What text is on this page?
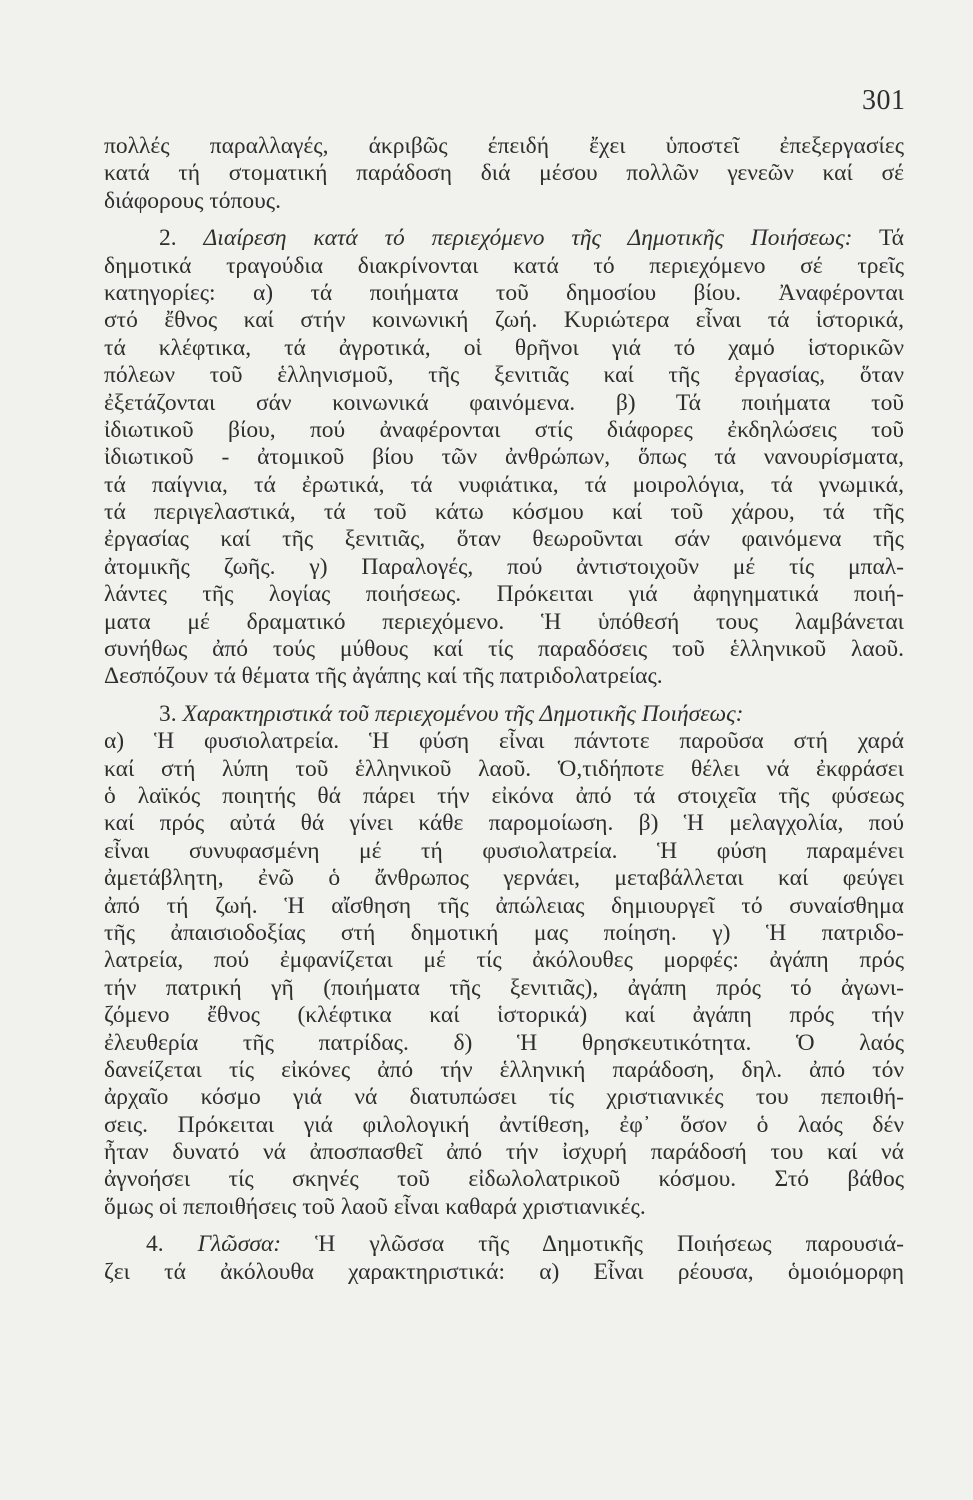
301
πολλές παραλλαγές, άκριβῶς έπειδή ἔχει ὑποστεῖ ἐπεξεργασίες
κατά τή στοματική παράδοση διά μέσου πολλῶν γενεῶν καί σέ
διάφορους τόπους.
2. Διαίρεση κατά τό περιεχόμενο τῆς Δημοτικῆς Ποιήσεως: Τά
δημοτικά τραγούδια διακρίνονται κατά τό περιεχόμενο σέ τρεῖς
κατηγορίες: α) τά ποιήματα τοῦ δημοσίου βίου. Ἀναφέρονται
στό ἔθνος καί στήν κοινωνική ζωή. Κυριώτερα εἶναι τά ἱστορικά,
τά κλέφτικα, τά ἀγροτικά, οἱ θρῆνοι γιά τό χαμό ἱστορικῶν
πόλεων τοῦ ἑλληνισμοῦ, τῆς ξενιτιᾶς καί τῆς ἐργασίας, ὅταν
ἐξετάζονται σάν κοινωνικά φαινόμενα. β) Τά ποιήματα τοῦ
ἰδιωτικοῦ βίου, πού ἀναφέρονται στίς διάφορες ἐκδηλώσεις τοῦ
ἰδιωτικοῦ - ἀτομικοῦ βίου τῶν ἀνθρώπων, ὅπως τά νανουρίσματα,
τά παίγνια, τά ἐρωτικά, τά νυφιάτικα, τά μοιρολόγια, τά γνωμικά,
τά περιγελαστικά, τά τοῦ κάτω κόσμου καί τοῦ χάρου, τά τῆς
ἐργασίας καί τῆς ξενιτιᾶς, ὅταν θεωροῦνται σάν φαινόμενα τῆς
ἀτομικῆς ζωῆς. γ) Παραλογές, πού ἀντιστοιχοῦν μέ τίς μπαλ-
λάντες τῆς λογίας ποιήσεως. Πρόκειται γιά ἀφηγηματικά ποιή-
ματα μέ δραματικό περιεχόμενο. Ἡ ὑπόθεσή τους λαμβάνεται
συνήθως ἀπό τούς μύθους καί τίς παραδόσεις τοῦ ἑλληνικοῦ λαοῦ.
Δεσπόζουν τά θέματα τῆς ἀγάπης καί τῆς πατριδολατρείας.
3. Χαρακτηριστικά τοῦ περιεχομένου τῆς Δημοτικῆς Ποιήσεως:
α) Ἡ φυσιολατρεία. Ἡ φύση εἶναι πάντοτε παροῦσα στή χαρά
καί στή λύπη τοῦ ἑλληνικοῦ λαοῦ. Ὁ,τιδήποτε θέλει νά ἐκφράσει
ὁ λαϊκός ποιητής θά πάρει τήν εἰκόνα ἀπό τά στοιχεῖα τῆς φύσεως
καί πρός αὐτά θά γίνει κάθε παρομοίωση. β) Ἡ μελαγχολία, πού
εἶναι συνυφασμένη μέ τή φυσιολατρεία. Ἡ φύση παραμένει
ἀμετάβλητη, ἐνῶ ὁ ἄνθρωπος γερνάει, μεταβάλλεται καί φεύγει
ἀπό τή ζωή. Ἡ αἴσθηση τῆς ἀπώλειας δημιουργεῖ τό συναίσθημα
τῆς ἀπαισιοδοξίας στή δημοτική μας ποίηση. γ) Ἡ πατριδο-
λατρεία, πού ἐμφανίζεται μέ τίς ἀκόλουθες μορφές: ἀγάπη πρός
τήν πατρική γῆ (ποιήματα τῆς ξενιτιᾶς), ἀγάπη πρός τό ἀγωνι-
ζόμενο ἔθνος (κλέφτικα καί ἱστορικά) καί ἀγάπη πρός τήν
ἐλευθερία τῆς πατρίδας. δ) Ἡ θρησκευτικότητα. Ὁ λαός
δανείζεται τίς εἰκόνες ἀπό τήν ἑλληνική παράδοση, δηλ. ἀπό τόν
ἀρχαῖο κόσμο γιά νά διατυπώσει τίς χριστιανικές του πεποιθή-
σεις. Πρόκειται γιά φιλολογική ἀντίθεση, ἐφ᾽ ὅσον ὁ λαός δέν
ἦταν δυνατό νά ἀποσπασθεῖ ἀπό τήν ἰσχυρή παράδοσή του καί νά
ἀγνοήσει τίς σκηνές τοῦ εἰδωλολατρικοῦ κόσμου. Στό βάθος
ὅμως οἱ πεποιθήσεις τοῦ λαοῦ εἶναι καθαρά χριστιανικές.
4. Γλῶσσα: Ἡ γλῶσσα τῆς Δημοτικῆς Ποιήσεως παρουσιά-
ζει τά ἀκόλουθα χαρακτηριστικά: α) Εἶναι ρέουσα, ὁμοιόμορφη
